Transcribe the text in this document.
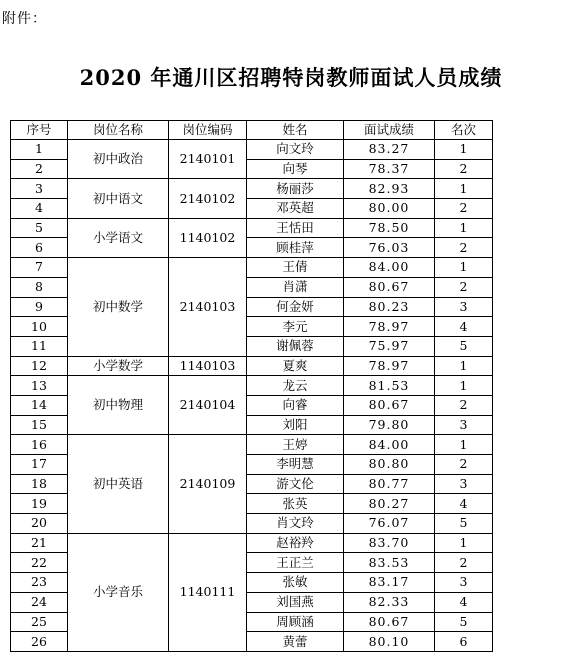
附件：
2020 年通川区招聘特岗教师面试人员成绩
序号	岗位名称	岗位编码	姓名	面试成绩	名次
1	初中政治	2140101	向文玲	83.27	1
2			向琴	78.37	2
3	初中语文	2140102	杨丽莎	82.93	1
4			邓英超	80.00	2
5	小学语文	1140102	王恬田	78.50	1
6			顾桂萍	76.03	2
7	初中数学	2140103	王倩	84.00	1
8			肖潇	80.67	2
9			何金妍	80.23	3
10			李元	78.97	4
11			谢佩蓉	75.97	5
12	小学数学	1140103	夏爽	78.97	1
13	初中物理	2140104	龙云	81.53	1
14			向睿	80.67	2
15			刘阳	79.80	3
16	初中英语	2140109	王婷	84.00	1
17			李明慧	80.80	2
18			游文伦	80.77	3
19			张英	80.27	4
20			肖文玲	76.07	5
21	小学音乐	1140111	赵裕羚	83.70	1
22			王正兰	83.53	2
23			张敏	83.17	3
24			刘国燕	82.33	4
25			周顾涵	80.67	5
26			黄蕾	80.10	6
